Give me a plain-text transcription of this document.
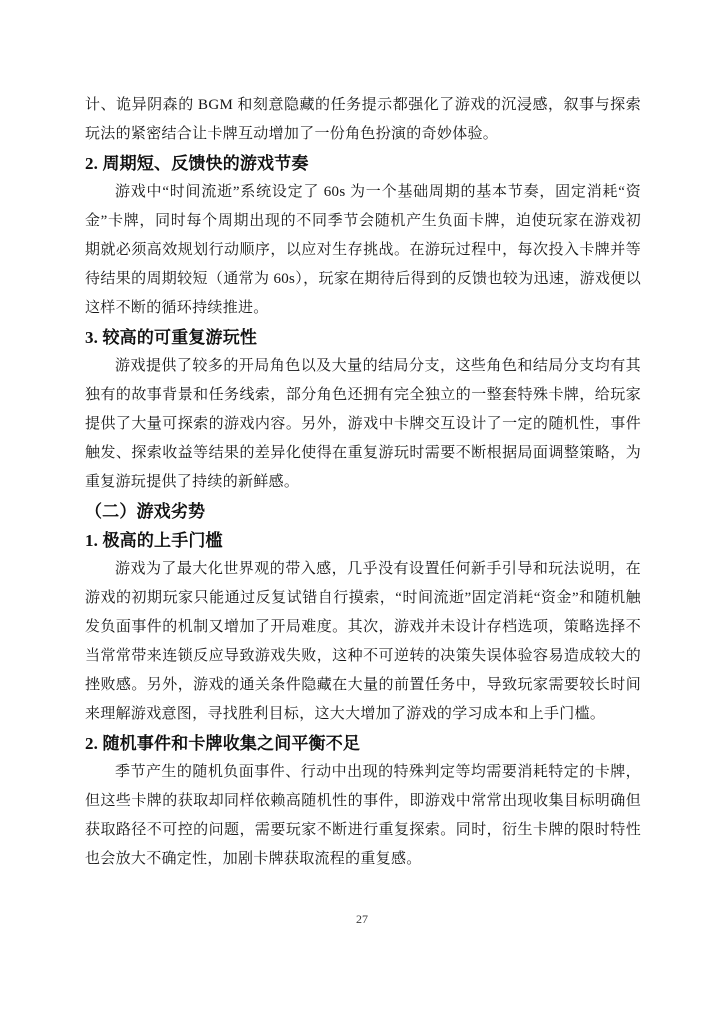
计、诡异阴森的 BGM 和刻意隐藏的任务提示都强化了游戏的沉浸感，叙事与探索玩法的紧密结合让卡牌互动增加了一份角色扮演的奇妙体验。

2. 周期短、反馈快的游戏节奏

游戏中“时间流逝”系统设定了 60s 为一个基础周期的基本节奏，固定消耗“资金”卡牌，同时每个周期出现的不同季节会随机产生负面卡牌，迫使玩家在游戏初期就必须高效规划行动顺序，以应对生存挑战。在游玩过程中，每次投入卡牌并等待结果的周期较短（通常为 60s），玩家在期待后得到的反馈也较为迅速，游戏便以这样不断的循环持续推进。

3. 较高的可重复游玩性

游戏提供了较多的开局角色以及大量的结局分支，这些角色和结局分支均有其独有的故事背景和任务线索，部分角色还拥有完全独立的一整套特殊卡牌，给玩家提供了大量可探索的游戏内容。另外，游戏中卡牌交互设计了一定的随机性，事件触发、探索收益等结果的差异化使得在重复游玩时需要不断根据局面调整策略，为重复游玩提供了持续的新鲜感。

（二）游戏劣势
1. 极高的上手门槛

游戏为了最大化世界观的带入感，几乎没有设置任何新手引导和玩法说明，在游戏的初期玩家只能通过反复试错自行摸索，“时间流逝”固定消耗“资金”和随机触发负面事件的机制又增加了开局难度。其次，游戏并未设计存档选项，策略选择不当常常带来连锁反应导致游戏失败，这种不可逆转的决策失误体验容易造成较大的挫败感。另外，游戏的通关条件隐藏在大量的前置任务中，导致玩家需要较长时间来理解游戏意图，寻找胜利目标，这大大增加了游戏的学习成本和上手门槛。

2. 随机事件和卡牌收集之间平衡不足

季节产生的随机负面事件、行动中出现的特殊判定等均需要消耗特定的卡牌，但这些卡牌的获取却同样依赖高随机性的事件，即游戏中常常出现收集目标明确但获取路径不可控的问题，需要玩家不断进行重复探索。同时，衍生卡牌的限时特性也会放大不确定性，加剧卡牌获取流程的重复感。

27
